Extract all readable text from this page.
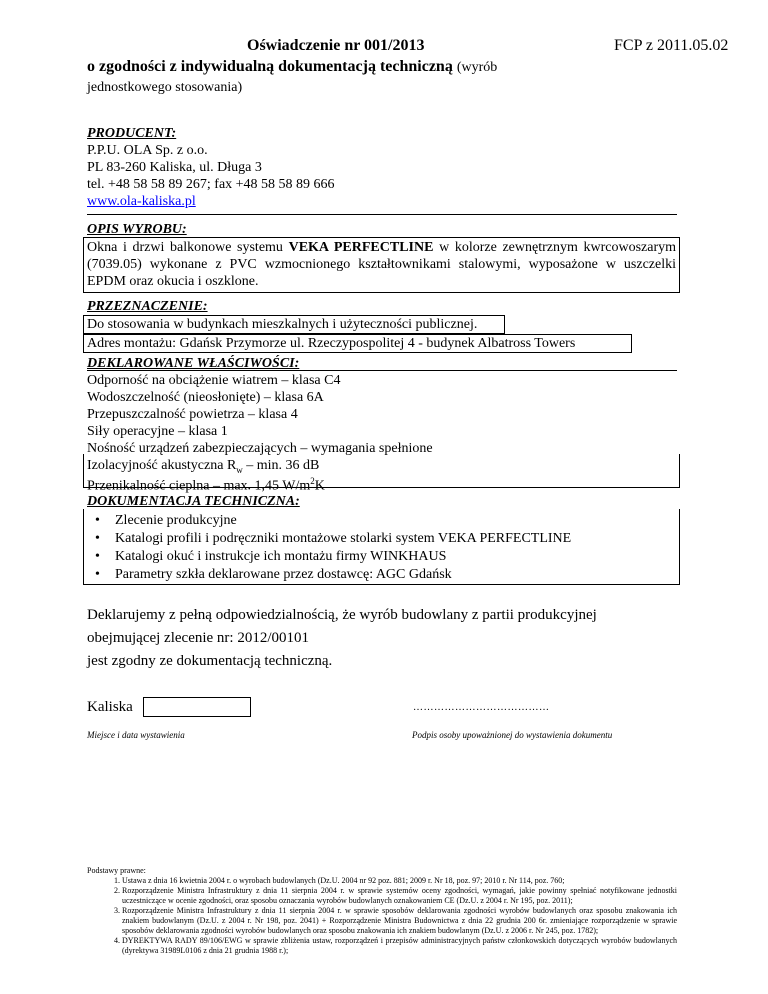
Oświadczenie nr 001/2013	FCP z 2011.05.02
o zgodności z indywidualną dokumentacją techniczną (wyrób
jednostkowego stosowania)
PRODUCENT:
P.P.U. OLA Sp. z o.o.
PL 83-260 Kaliska, ul. Długa 3
tel. +48 58 58 89 267; fax +48 58 58 89 666
www.ola-kaliska.pl
OPIS WYROBU:
Okna i drzwi balkonowe systemu VEKA PERFECTLINE w kolorze zewnętrznym kwrcowoszarym (7039.05) wykonane z PVC wzmocnionego kształtownikami stalowymi, wyposażone w uszczelki EPDM oraz okucia i oszklone.
PRZEZNACZENIE:
Do stosowania w budynkach mieszkalnych i użyteczności publicznej.
Adres montażu: Gdańsk Przymorze ul. Rzeczypospolitej 4 - budynek Albatross Towers
DEKLAROWANE WŁAŚCIWOŚCI:
Odporność na obciążenie wiatrem – klasa C4
Wodoszczelność (nieosłonięte) – klasa 6A
Przepuszczalność powietrza – klasa 4
Siły operacyjne – klasa 1
Nośność urządzeń zabezpieczających – wymagania spełnione
Izolacyjność akustyczna $R_w$ – min. 36 dB
Przenikalność cieplna – max. 1,45 $W/m^2K$
DOKUMENTACJA TECHNICZNA:
• Zlecenie produkcyjne
• Katalogi profili i podręczniki montażowe stolarki system VEKA PERFECTLINE
• Katalogi okuć i instrukcje ich montażu firmy WINKHAUS
• Parametry szkła deklarowane przez dostawcę: AGC Gdańsk
Deklarujemy z pełną odpowiedzialnością, że wyrób budowlany z partii produkcyjnej
obejmującej zlecenie nr: 2012/00101
jest zgodny ze dokumentacją techniczną.
Kaliska	…………………………………
Miejsce i data wystawienia	Podpis osoby upoważnionej do wystawienia dokumentu
Podstawy prawne:
1. Ustawa z dnia 16 kwietnia 2004 r. o wyrobach budowlanych (Dz.U. 2004 nr 92 poz. 881; 2009 r. Nr 18, poz. 97; 2010 r. Nr 114, poz. 760;
2. Rozporządzenie Ministra Infrastruktury z dnia 11 sierpnia 2004 r. w sprawie systemów oceny zgodności, wymagań, jakie powinny spełniać notyfikowane jednostki uczestniczące w ocenie zgodności, oraz sposobu oznaczania wyrobów budowlanych oznakowaniem CE (Dz.U. z 2004 r. Nr 195, poz. 2011);
3. Rozporządzenie Ministra Infrastruktury z dnia 11 sierpnia 2004 r. w sprawie sposobów deklarowania zgodności wyrobów budowlanych oraz sposobu znakowania ich znakiem budowlanym (Dz.U. z 2004 r. Nr 198, poz. 2041) + Rozporządzenie Ministra Budownictwa z dnia 22 grudnia 200 6r. zmieniające rozporządzenie w sprawie sposobów deklarowania zgodności wyrobów budowlanych oraz sposobu znakowania ich znakiem budowlanym (Dz.U. z 2006 r. Nr 245, poz. 1782);
4. DYREKTYWA RADY 89/106/EWG w sprawie zbliżenia ustaw, rozporządzeń i przepisów administracyjnych państw członkowskich dotyczących wyrobów budowlanych (dyrektywa 31989L0106 z dnia 21 grudnia 1988 r.);
